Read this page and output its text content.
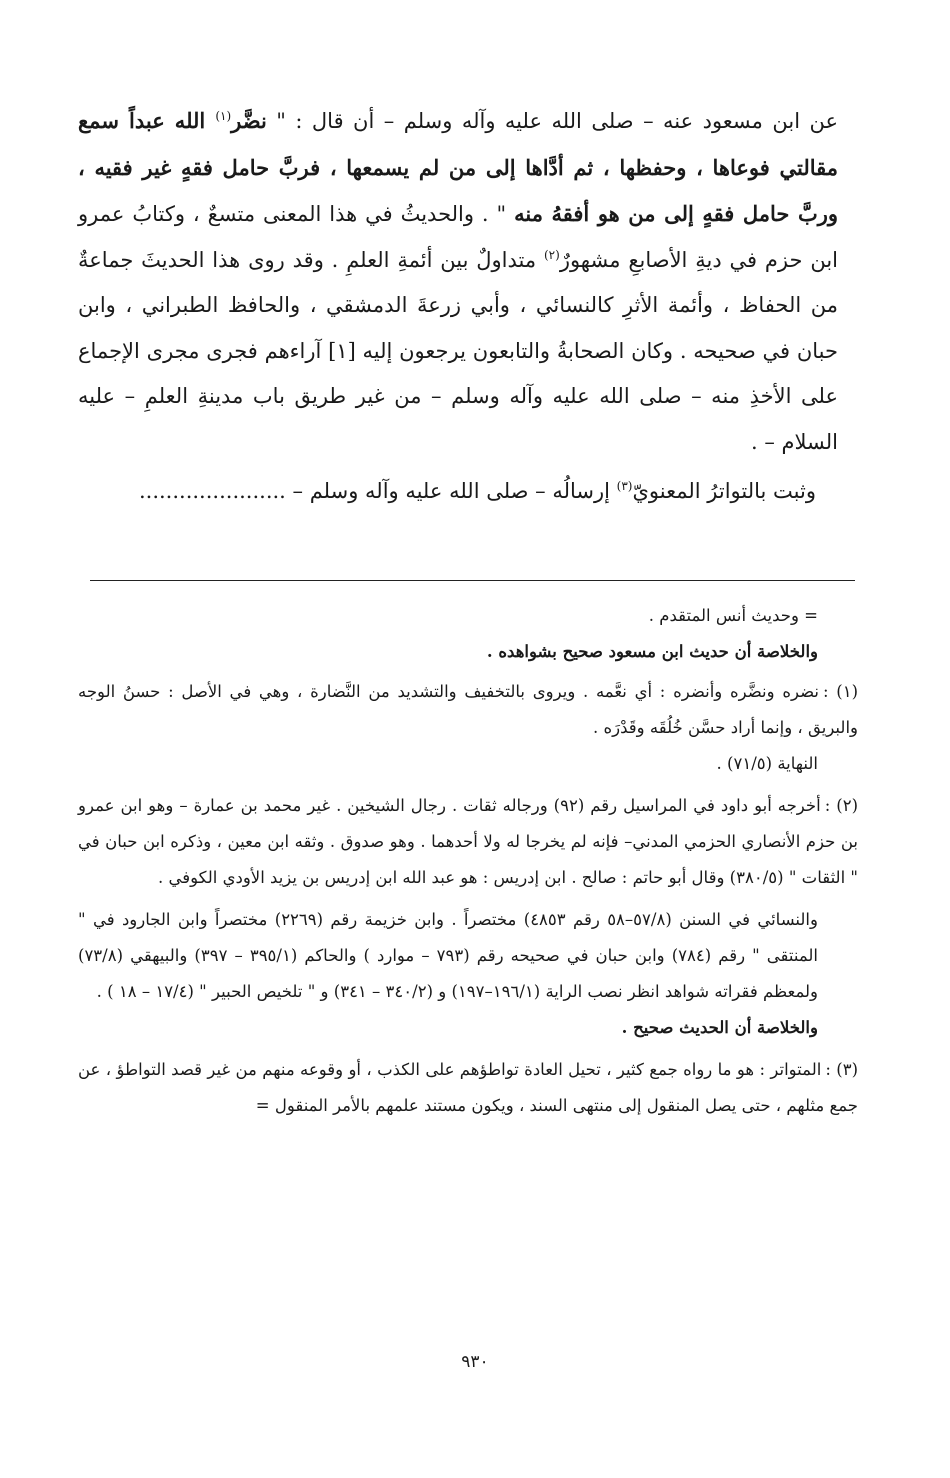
عن ابن مسعود عنه – صلى الله عليه وآله وسلم – أن قال : " نضَّر$^{(١)}$ الله عبداً سمع مقالتي فوعاها ، وحفظها ، ثم أدَّاها إلى من لم يسمعها ، فربَّ حامل فقهٍ غير فقيه ، وربَّ حامل فقهٍ إلى من هو أفقهُ منه " . والحديثُ في هذا المعنى متسعٌ ، وكتابُ عمرو ابن حزم في ديةِ الأصابعِ مشهورٌ$^{(٢)}$ متداولٌ بين أئمةِ العلمِ . وقد روى هذا الحديثَ جماعةٌ من الحفاظ ، وأئمة الأثرِ كالنسائي ، وأبي زرعةَ الدمشقي ، والحافظ الطبراني ، وابن حبان في صحيحه . وكان الصحابةُ والتابعون يرجعون إليه [١] آراءهم فجرى مجرى الإجماع على الأخذِ منه – صلى الله عليه وآله وسلم – من غير طريق باب مدينةِ العلمِ – عليه السلام – .

وثبت بالتواترُ المعنويّ$^{(٣)}$ إرسالُه – صلى الله عليه وآله وسلم – ......................

= وحديث أنس المتقدم .

والخلاصة أن حديث ابن مسعود صحيح بشواهده .

(١) :نضره ونضَّره وأنضره : أي نعَّمه . ويروى بالتخفيف والتشديد من النَّضارة ، وهي في الأصل : حسنُ الوجه والبريق ، وإنما أراد حسَّن خُلُقَه وقَدْرَه .

النهاية (٧١/٥) .

(٢) :أخرجه أبو داود في المراسيل رقم (٩٢) ورجاله ثقات . رجال الشيخين . غير محمد بن عمارة – وهو ابن عمرو بن حزم الأنصاري الحزمي المدني– فإنه لم يخرجا له ولا أحدهما . وهو صدوق . وثقه ابن معين ، وذكره ابن حبان في " الثقات " (٣٨٠/٥) وقال أبو حاتم : صالح . ابن إدريس : هو عبد الله ابن إدريس بن يزيد الأودي الكوفي .

والنسائي في السنن (٥٧/٨–٥٨ رقم ٤٨٥٣) مختصراً . وابن خزيمة رقم (٢٢٦٩) مختصراً وابن الجارود في " المنتقى " رقم (٧٨٤) وابن حبان في صحيحه رقم (٧٩٣ – موارد ) والحاكم (٣٩٥/١ – ٣٩٧) والبيهقي (٧٣/٨) ولمعظم فقراته شواهد انظر نصب الراية (١٩٦/١–١٩٧) و (٣٤٠/٢ – ٣٤١) و " تلخيص الحبير " (١٧/٤ – ١٨ ) .

والخلاصة أن الحديث صحيح .

(٣) :المتواتر : هو ما رواه جمع كثير ، تحيل العادة تواطؤهم على الكذب ، أو وقوعه منهم من غير قصد التواطؤ ، عن جمع مثلهم ، حتى يصل المنقول إلى منتهى السند ، ويكون مستند علمهم بالأمر المنقول =

٩٣٠
